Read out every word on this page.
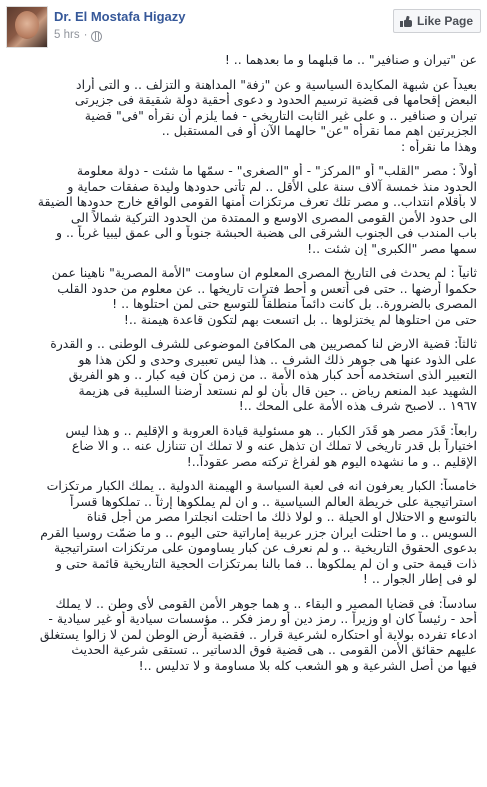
Dr. El Mostafa Higazy
5 hrs ·
Like Page
عن "تيران و صنافير" .. ما قبلهما و ما بعدهما .. !
بعيداً عن شبهة المكايدة السياسية و عن "زفة" المداهنة و التزلف .. و التى أراد
البعض إقحامها فى قضية ترسيم الحدود و دعوى أحقية دولة شقيقة فى جزيرتى
تيران و صنافير .. و على غير الثابت التاريخى - فما يلزم أن نقرأه "فى" قضية
الجزيرتين اهم مما نقرأه "عن" حالهما الآن أو فى المستقبل ..
وهذا ما نقرأه :
أولاً : مصر "القلب" أو "المركز" - أو "الصغرى" - سمّها ما شئت - دولة معلومة
الحدود منذ خمسة آلاف سنة على الأقل .. لم تأتى حدودها وليدة صفقات حماية و
لا بأقلام انتداب.. و مصر تلك تعرف مرتكزات أمنها القومى الواقع خارج حدودها الضيقة
الى حدود الأمن القومى المصرى الاوسع و الممتدة من الحدود التركية شمالاً الى
باب المندب فى الجنوب الشرقى الى هضبة الحبشة جنوباً و الى عمق ليبيا غرباً .. و
سمها مصر "الكبرى" إن شئت ..!
ثانياً : لم يحدث فى التاريخ المصرى المعلوم ان ساومت "الأمة المصرية" ناهينا عمن
حكموا أرضها .. حتى فى أتعس و أحط فترات تاريخها .. عن معلوم من حدود القلب
المصرى بالضرورة.. بل كانت دائماً منطلقاً للتوسع حتى لمن احتلوها .. !
حتى من احتلوها لم يختزلوها .. بل اتسعت بهم لتكون قاعدة هيمنة ..!
ثالثاً: قضية الارض لنا كمصريين هى المكافئ الموضوعى للشرف الوطنى .. و القدرة
على الذود عنها هى جوهر ذلك الشرف .. هذا ليس تعبيرى وحدى و لكن هذا هو
التعبير الذى استخدمه أحد كبار هذه الأمة .. من زمن كان فيه كبار .. و هو الفريق
الشهيد عبد المنعم رياض .. حين قال بأن لو لم نستعد أرضنا السليبة فى هزيمة
١٩٦٧ .. لاصبح شرف هذه الأمة على المحك ..!
رابعاً: قَدَر مصر هو قَدَر الكبار .. هو مسئولية قيادة العروبة و الإقليم .. و هذا ليس
اختياراً بل قدر تاريخى لا تملك ان تذهل عنه و لا تملك ان تتنازل عنه .. و الا ضاع
الإقليم .. و ما نشهده اليوم هو لفراغ تركته مصر عقوداً..!
خامساً: الكبار يعرفون انه فى لعبة السياسة و الهيمنة الدولية .. يملك الكبار مرتكزات
استراتيجية على خريطة العالم السياسية .. و ان لم يملكوها إرثاً .. تملكوها قسراً
بالتوسع و الاحتلال او الحيلة .. و لولا ذلك ما احتلت انجلترا مصر من أجل قناة
السويس .. و ما احتلت ايران جزر عربية إماراتية حتى اليوم .. و ما ضمّت روسيا القرم
بدعوى الحقوق التاريخية .. و لم نعرف عن كبار يساومون على مرتكزات استراتيجية
ذات قيمة حتى و ان لم يملكوها .. فما بالنا بمرتكزات الحجية التاريخية قائمة حتى و
لو فى إطار الجوار .. !
سادساً: فى قضايا المصير و البقاء .. و هما جوهر الأمن القومى لأى وطن .. لا يملك
أحد - رئيساً كان او وزيراً .. رمز دين أو رمز فكر .. مؤسسات سيادية أو غير سيادية -
ادعاء تفرده بولاية أو احتكاره لشرعية قرار .. فقضية أرض الوطن لمن لا زالوا يستغلق
عليهم حقائق الأمن القومى .. هى قضية فوق الدساتير .. تستقى شرعية الحديث
فيها من أصل الشرعية و هو الشعب كله بلا مساومة و لا تدليس ..!
